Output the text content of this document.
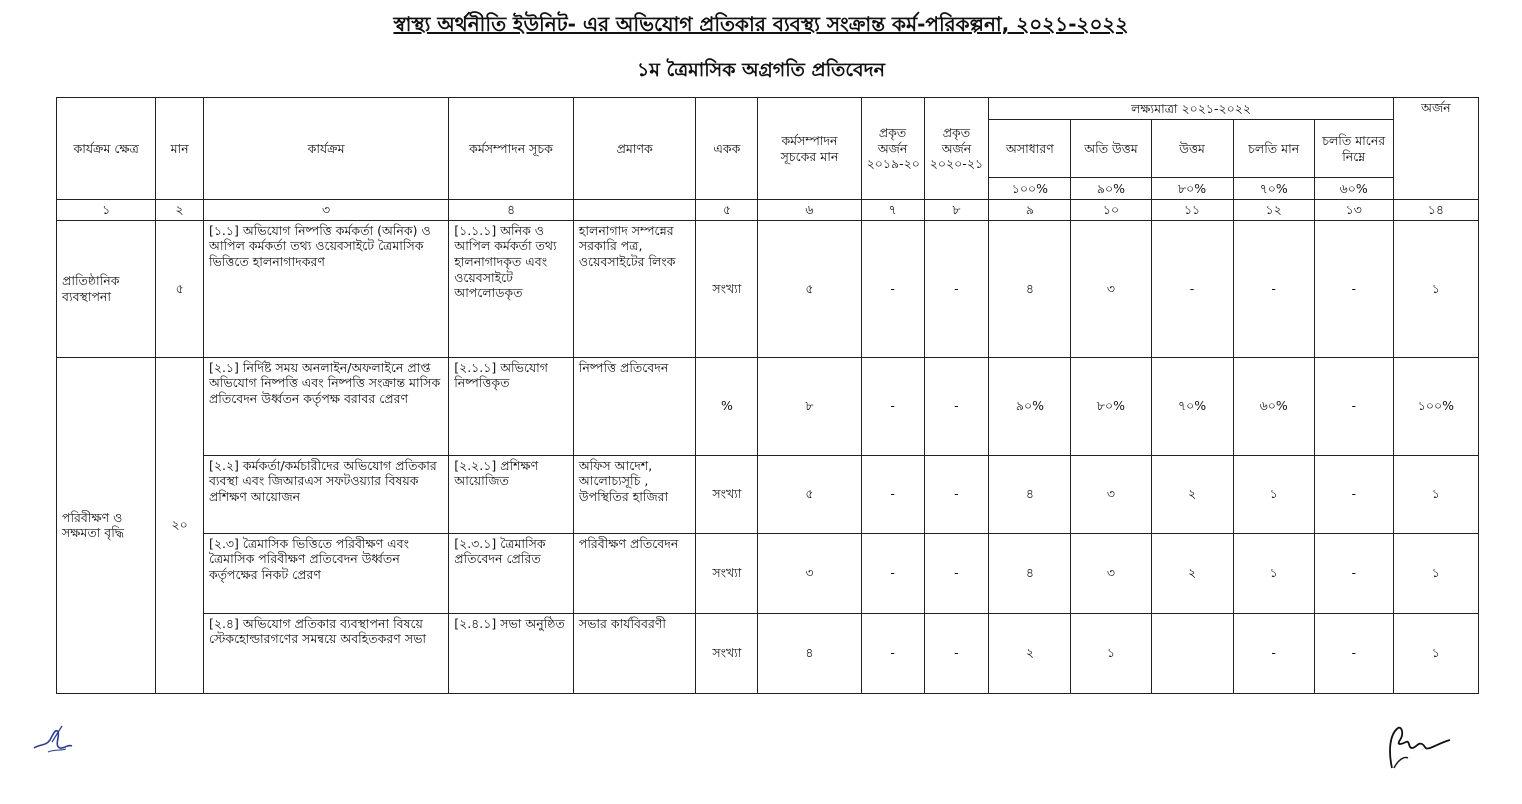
স্বাস্থ্য অর্থনীতি ইউনিট- এর অভিযোগ প্রতিকার ব্যবস্থ্য সংক্রান্ত কর্ম-পরিকল্পনা, ২০২১-২০২২
১ম ত্রৈমাসিক অগ্রগতি প্রতিবেদন
কার্যক্রম ক্ষেত্র	মান	কার্যক্রম	কর্মসম্পাদন সূচক	প্রমাণক	একক	কর্মসম্পাদন সূচকের মান	প্রকৃত অর্জন ২০১৯-২০	প্রকৃত অর্জন ২০২০-২১	লক্ষ্যমাত্রা ২০২১-২০২২					অর্জন
									অসাধারণ	অতি উত্তম	উত্তম	চলতি মান	চলতি মানের নিম্নে	
									১০০%	৯০%	৮০%	৭০%	৬০%	
১	২	৩	৪		৫	৬	৭	৮	৯	১০	১১	১২	১৩	১৪
প্রাতিষ্ঠানিক ব্যবস্থাপনা	৫	[১.১] অভিযোগ নিষ্পত্তি কর্মকর্তা (অনিক) ও আপিল কর্মকর্তা তথ্য ওয়েবসাইটে ত্রৈমাসিক ভিত্তিতে হালনাগাদকরণ	[১.১.১] অনিক ও আপিল কর্মকর্তা তথ্য হালনাগাদকৃত এবং ওয়েবসাইটে আপলোডকৃত	হালনাগাদ সম্পন্নের সরকারি পত্র, ওয়েবসাইটের লিংক	সংখ্যা	৫	-	-	৪	৩	-	-	-	১
পরিবীক্ষণ ও সক্ষমতা বৃদ্ধি	২০	[২.১] নির্দিষ্ট সময় অনলাইন/অফলাইনে প্রাপ্ত অভিযোগ নিষ্পত্তি এবং নিষ্পত্তি সংক্রান্ত মাসিক প্রতিবেদন উর্ধ্বতন কর্তৃপক্ষ বরাবর প্রেরণ	[২.১.১] অভিযোগ নিষ্পত্তিকৃত	নিষ্পত্তি প্রতিবেদন	%	৮	-	-	৯০%	৮০%	৭০%	৬০%	-	১০০%
		[২.২] কর্মকর্তা/কর্মচারীদের অভিযোগ প্রতিকার ব্যবস্থা এবং জিআরএস সফটওয়্যার বিষয়ক প্রশিক্ষণ আয়োজন	[২.২.১] প্রশিক্ষণ আয়োজিত	অফিস আদেশ, আলোচ্যসূচি , উপস্থিতির হাজিরা	সংখ্যা	৫	-	-	৪	৩	২	১	-	১
		[২.৩] ত্রৈমাসিক ভিত্তিতে পরিবীক্ষণ এবং ত্রৈমাসিক পরিবীক্ষণ প্রতিবেদন উর্ধ্বতন কর্তৃপক্ষের নিকট প্রেরণ	[২.৩.১] ত্রৈমাসিক প্রতিবেদন প্রেরিত	পরিবীক্ষণ প্রতিবেদন	সংখ্যা	৩	-	-	৪	৩	২	১	-	১
		[২.৪] অভিযোগ প্রতিকার ব্যবস্থাপনা বিষয়ে স্টেকহোল্ডারগণের সমন্বয়ে অবহিতকরণ সভা	[২.৪.১] সভা অনুষ্ঠিত	সভার কার্যবিবরণী	সংখ্যা	৪	-	-	২	১		-	-	১
